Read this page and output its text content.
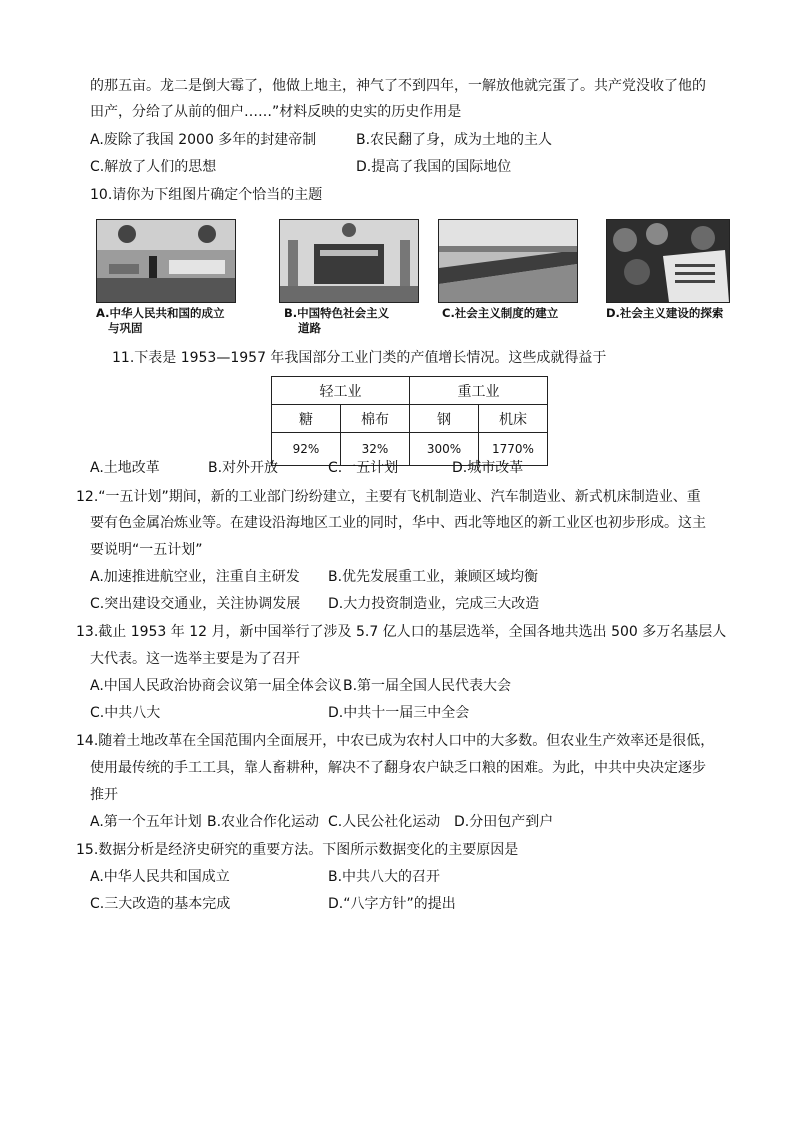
的那五亩。龙二是倒大霉了，他做上地主，神气了不到四年，一解放他就完蛋了。共产党没收了他的
田产，分给了从前的佃户……”材料反映的史实的历史作用是
A.废除了我国 2000 多年的封建帝制	B.农民翻了身，成为土地的主人
C.解放了人们的思想	D.提高了我国的国际地位
10.请你为下组图片确定个恰当的主题
A.中华人民共和国的成立
与巩固
B.中国特色社会主义
道路
C.社会主义制度的建立	D.社会主义建设的探索
11.下表是 1953—1957 年我国部分工业门类的产值增长情况。这些成就得益于
轻工业		重工业	
糖	棉布	钢	机床
92%	32%	300%	1770%
A.土地改革	B.对外开放	C.一五计划	D.城市改革
12.“一五计划”期间，新的工业部门纷纷建立，主要有飞机制造业、汽车制造业、新式机床制造业、重
要有色金属冶炼业等。在建设沿海地区工业的同时，华中、西北等地区的新工业区也初步形成。这主
要说明“一五计划”
A.加速推进航空业，注重自主研发 B.优先发展重工业，兼顾区域均衡
C.突出建设交通业，关注协调发展 D.大力投资制造业，完成三大改造
13.截止 1953 年 12 月，新中国举行了涉及 5.7 亿人口的基层选举，全国各地共选出 500 多万名基层人
大代表。这一选举主要是为了召开
A.中国人民政治协商会议第一届全体会议 B.第一届全国人民代表大会
C.中共八大	D.中共十一届三中全会
14.随着土地改革在全国范围内全面展开，中农已成为农村人口中的大多数。但农业生产效率还是很低，
使用最传统的手工工具，靠人畜耕种，解决不了翻身农户缺乏口粮的困难。为此，中共中央决定逐步
推开
A.第一个五年计划 B.农业合作化运动 C.人民公社化运动 D.分田包产到户
15.数据分析是经济史研究的重要方法。下图所示数据变化的主要原因是
A.中华人民共和国成立	B.中共八大的召开
C.三大改造的基本完成	D.“八字方针”的提出
